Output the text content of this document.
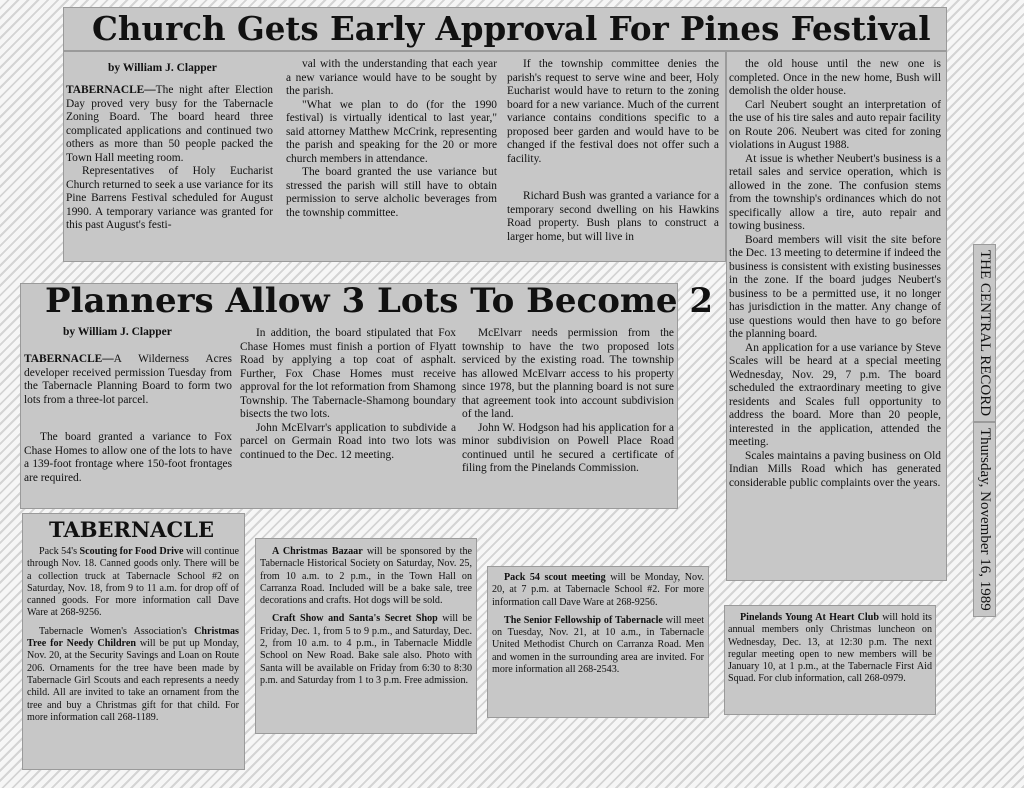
Church Gets Early Approval For Pines Festival
by William J. Clapper

TABERNACLE—The night after Election Day proved very busy for the Tabernacle Zoning Board. The board heard three complicated applications and continued two others as more than 50 people packed the Town Hall meeting room.

Representatives of Holy Eucharist Church returned to seek a use variance for its Pine Barrens Festival scheduled for August 1990. A temporary variance was granted for this past August's festi-

val with the understanding that each year a new variance would have to be sought by the parish.

"What we plan to do (for the 1990 festival) is virtually identical to last year," said attorney Matthew McCrink, representing the parish and speaking for the 20 or more church members in attendance.

The board granted the use variance but stressed the parish will still have to obtain permission to serve alcholic beverages from the township committee.

If the township committee denies the parish's request to serve wine and beer, Holy Eucharist would have to return to the zoning board for a new variance. Much of the current variance contains conditions specific to a proposed beer garden and would have to be changed if the festival does not offer such a facility.

Richard Bush was granted a variance for a temporary second dwelling on his Hawkins Road property. Bush plans to construct a larger home, but will live in

the old house until the new one is completed. Once in the new home, Bush will demolish the older house.

Carl Neubert sought an interpretation of the use of his tire sales and auto repair facility on Route 206. Neubert was cited for zoning violations in August 1988.

At issue is whether Neubert's business is a retail sales and service operation, which is allowed in the zone. The confusion stems from the township's ordinances which do not specifically allow a tire, auto repair and towing business.

Board members will visit the site before the Dec. 13 meeting to determine if indeed the business is consistent with existing businesses in the zone. If the board judges Neubert's business to be a permitted use, it no longer has jurisdiction in the matter. Any change of use questions would then have to go before the planning board.

An application for a use variance by Steve Scales will be heard at a special meeting Wednesday, Nov. 29, 7 p.m. The board scheduled the extraordinary meeting to give residents and Scales full opportunity to address the board. More than 20 people, interested in the application, attended the meeting.

Scales maintains a paving business on Old Indian Mills Road which has generated considerable public complaints over the years.

Planners Allow 3 Lots To Become 2
by William J. Clapper

TABERNACLE—A Wilderness Acres developer received permission Tuesday from the Tabernacle Planning Board to form two lots from a three-lot parcel.

The board granted a variance to Fox Chase Homes to allow one of the lots to have a 139-foot frontage where 150-foot frontages are required.

In addition, the board stipulated that Fox Chase Homes must finish a portion of Flyatt Road by applying a top coat of asphalt. Further, Fox Chase Homes must receive approval for the lot reformation from Shamong Township. The Tabernacle-Shamong boundary bisects the two lots.

John McElvarr's application to subdivide a parcel on Germain Road into two lots was continued to the Dec. 12 meeting.

McElvarr needs permission from the township to have the two proposed lots serviced by the existing road. The township has allowed McElvarr access to his property since 1978, but the planning board is not sure that agreement took into account subdivision of the land.

John W. Hodgson had his application for a minor subdivision on Powell Place Road continued until he secured a certificate of filing from the Pinelands Commission.

TABERNACLE

Pack 54's Scouting for Food Drive will continue through Nov. 18. Canned goods only. There will be a collection truck at Tabernacle School #2 on Saturday, Nov. 18, from 9 to 11 a.m. for drop off of canned goods. For more information call Dave Ware at 268-9256.

Tabernacle Women's Association's Christmas Tree for Needy Children will be put up Monday, Nov. 20, at the Security Savings and Loan on Route 206. Ornaments for the tree have been made by Tabernacle Girl Scouts and each represents a needy child. All are invited to take an ornament from the tree and buy a Christmas gift for that child. For more information call 268-1189.

A Christmas Bazaar will be sponsored by the Tabernacle Historical Society on Saturday, Nov. 25, from 10 a.m. to 2 p.m., in the Town Hall on Carranza Road. Included will be a bake sale, tree decorations and crafts. Hot dogs will be sold.

Craft Show and Santa's Secret Shop will be Friday, Dec. 1, from 5 to 9 p.m., and Saturday, Dec. 2, from 10 a.m. to 4 p.m., in Tabernacle Middle School on New Road. Bake sale also. Photo with Santa will be available on Friday from 6:30 to 8:30 p.m. and Saturday from 1 to 3 p.m. Free admission.

Pack 54 scout meeting will be Monday, Nov. 20, at 7 p.m. at Tabernacle School #2. For more information call Dave Ware at 268-9256.

The Senior Fellowship of Tabernacle will meet on Tuesday, Nov. 21, at 10 a.m., in Tabernacle United Methodist Church on Carranza Road. Men and women in the surrounding area are invited. For more information all 268-2543.

Pinelands Young At Heart Club will hold its annual members only Christmas luncheon on Wednesday, Dec. 13, at 12:30 p.m. The next regular meeting open to new members will be January 10, at 1 p.m., at the Tabernacle First Aid Squad. For club information, call 268-0979.

THE CENTRAL RECORD
Thursday, November 16, 1989
